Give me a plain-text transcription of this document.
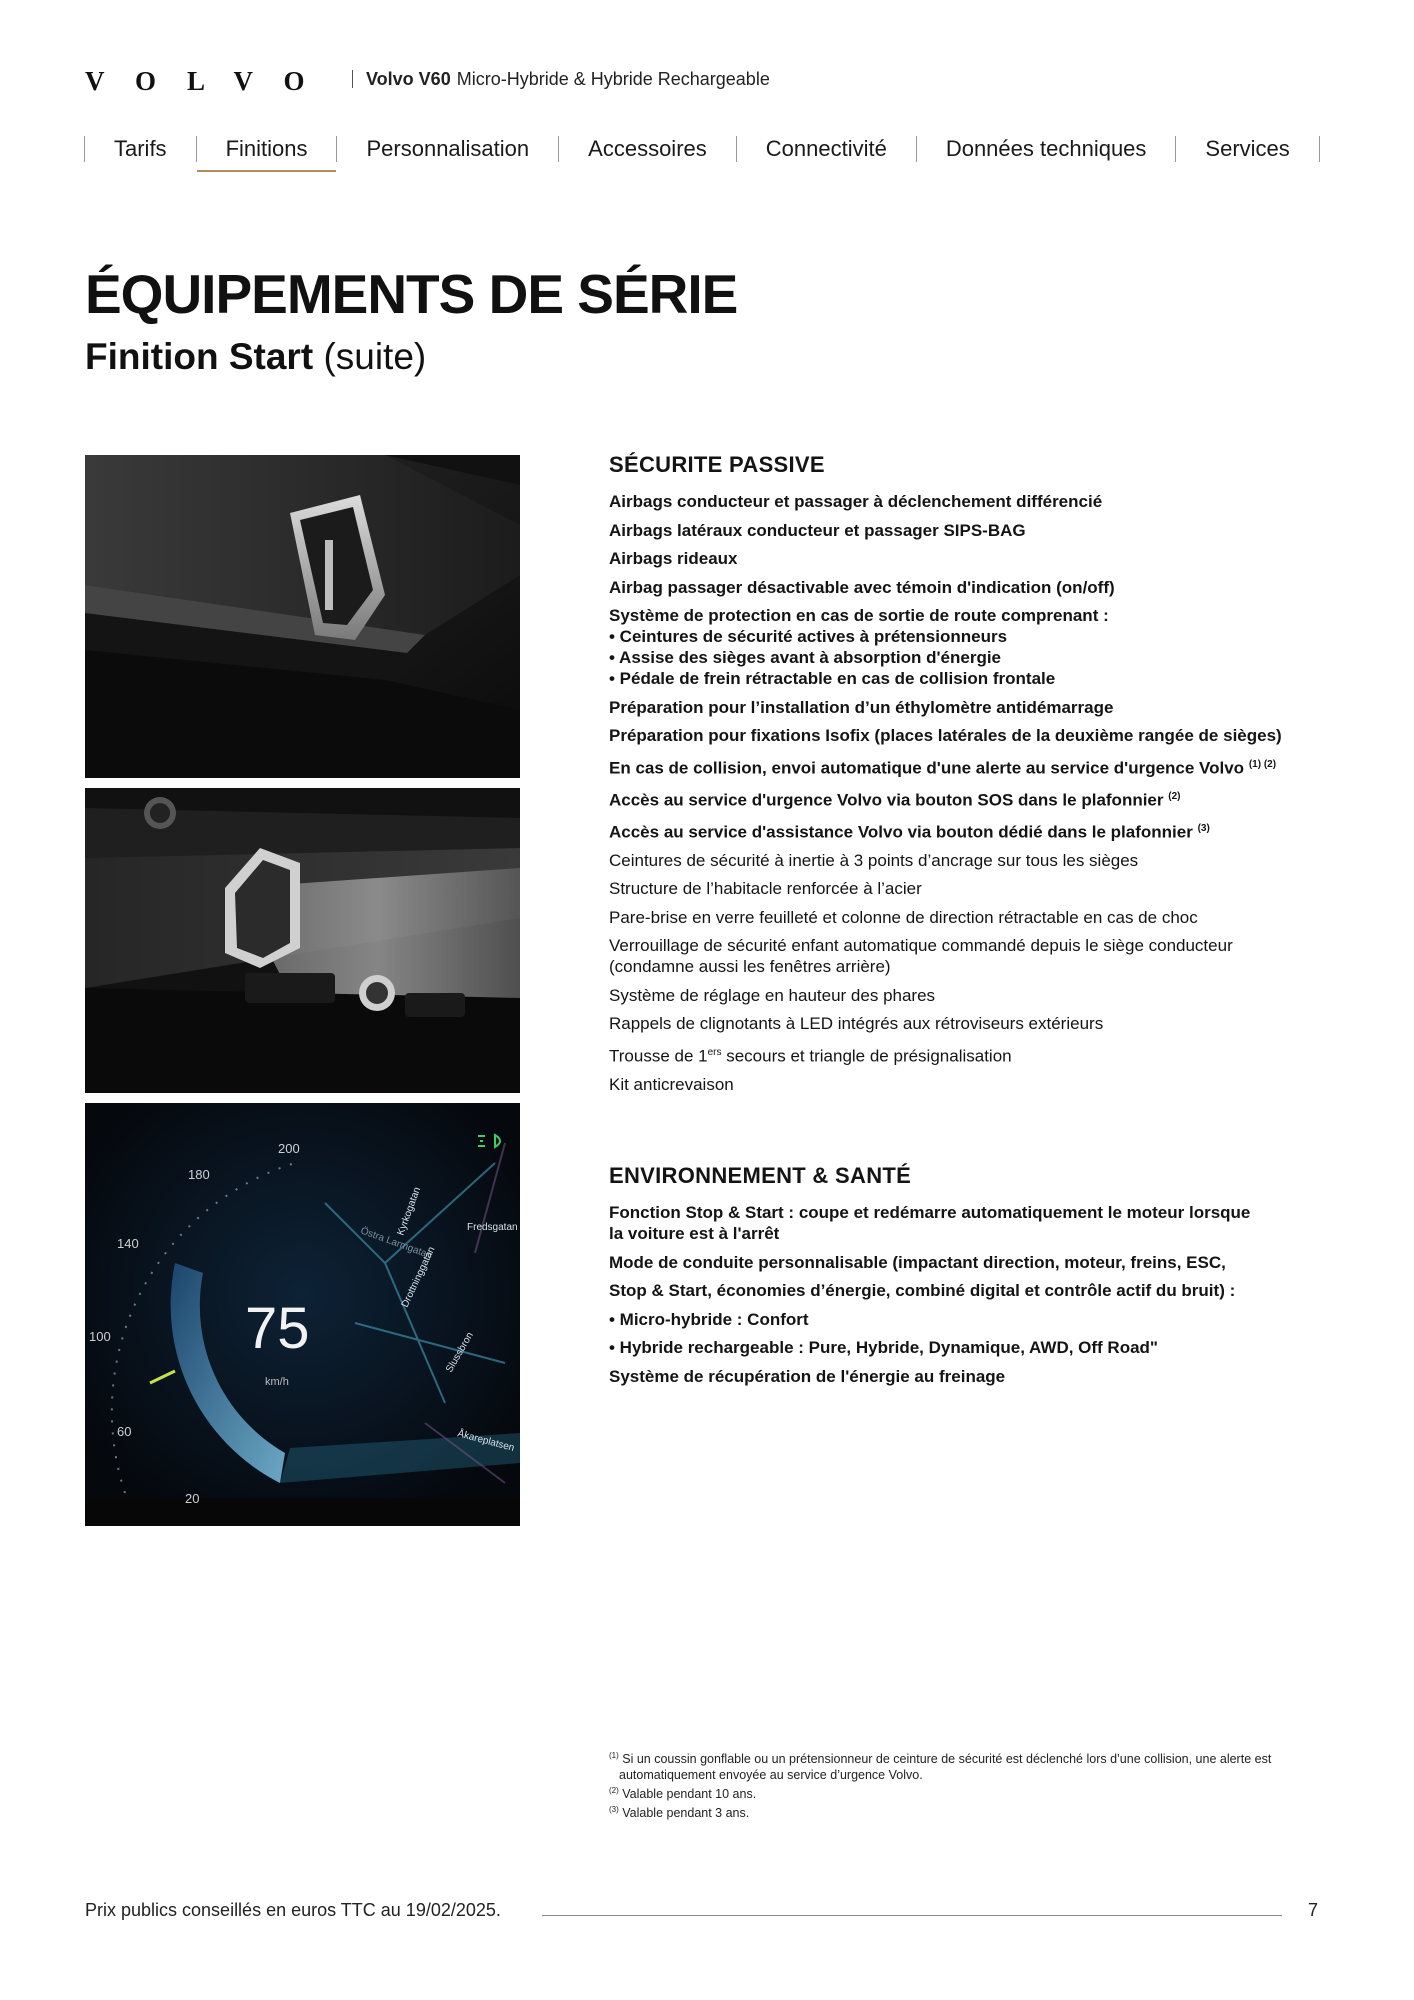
VOLVO Volvo V60 Micro-Hybride & Hybride Rechargeable
Tarifs	Finitions	Personnalisation	Accessoires	Connectivité	Données techniques	Services
ÉQUIPEMENTS DE SÉRIE
Finition Start (suite)
200
180
140
100
60
20
75
km/h
Kyrkogatan	Fredsgatan
Östra Larmgatan
Drottninggatan
Slussbron
Åkareplatsen
SÉCURITE PASSIVE
Airbags conducteur et passager à déclenchement différencié
Airbags latéraux conducteur et passager SIPS-BAG
Airbags rideaux
Airbag passager désactivable avec témoin d'indication (on/off)
Système de protection en cas de sortie de route comprenant :
• Ceintures de sécurité actives à prétensionneurs
• Assise des sièges avant à absorption d'énergie
• Pédale de frein rétractable en cas de collision frontale
Préparation pour l’installation d’un éthylomètre antidémarrage
Préparation pour fixations Isofix (places latérales de la deuxième rangée de sièges)
En cas de collision, envoi automatique d'une alerte au service d'urgence Volvo $^{(1) (2)}$
Accès au service d'urgence Volvo via bouton SOS dans le plafonnier $^{(2)}$
Accès au service d'assistance Volvo via bouton dédié dans le plafonnier $^{(3)}$
Ceintures de sécurité à inertie à 3 points d’ancrage sur tous les sièges
Structure de l’habitacle renforcée à l’acier
Pare-brise en verre feuilleté et colonne de direction rétractable en cas de choc
Verrouillage de sécurité enfant automatique commandé depuis le siège conducteur
(condamne aussi les fenêtres arrière)
Système de réglage en hauteur des phares
Rappels de clignotants à LED intégrés aux rétroviseurs extérieurs
Trousse de 1ers secours et triangle de présignalisation
Kit anticrevaison
ENVIRONNEMENT & SANTÉ
Fonction Stop & Start : coupe et redémarre automatiquement le moteur lorsque
la voiture est à l'arrêt
Mode de conduite personnalisable (impactant direction, moteur, freins, ESC,
Stop & Start, économies d’énergie, combiné digital et contrôle actif du bruit) :
• Micro-hybride : Confort
• Hybride rechargeable : Pure, Hybride, Dynamique, AWD, Off Road"
Système de récupération de l'énergie au freinage
$^{(1)}$ Si un coussin gonflable ou un prétensionneur de ceinture de sécurité est déclenché lors d’une collision, une alerte est automatiquement envoyée au service d’urgence Volvo.
$^{(2)}$ Valable pendant 10 ans.
$^{(3)}$ Valable pendant 3 ans.
Prix publics conseillés en euros TTC au 19/02/2025.	7
